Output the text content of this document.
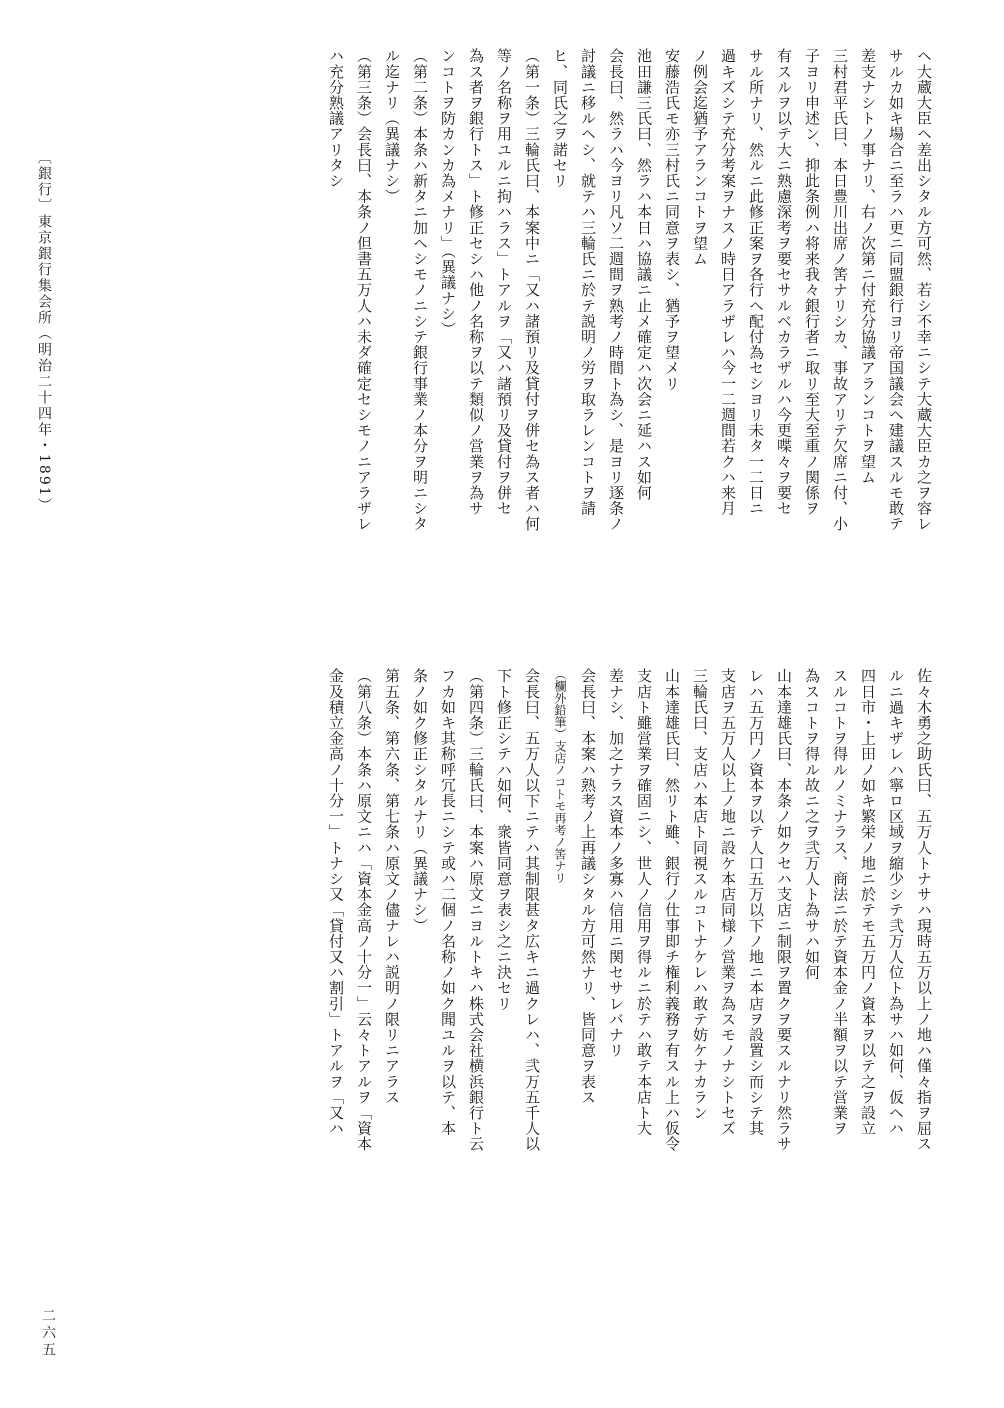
ヘ大蔵大臣ヘ差出シタル方可然、若シ不幸ニシテ大蔵大臣カ之ヲ容レ
サルカ如キ場合ニ至ラハ更ニ同盟銀行ヨリ帝国議会ヘ建議スルモ敢テ
差支ナシトノ事ナリ、右ノ次第ニ付充分協議アランコトヲ望ム
三村君平氏曰、本日豊川出席ノ筈ナリシカ、事故アリテ欠席ニ付、小
子ヨリ申述ン、抑此条例ハ将来我々銀行者ニ取リ至大至重ノ関係ヲ
有スルヲ以テ大ニ熟慮深考ヲ要セサルベカラザルハ今更喋々ヲ要セ
サル所ナリ、然ルニ此修正案ヲ各行ヘ配付為セシヨリ未タ一二日ニ
過キズシテ充分考案ヲナスノ時日アラザレハ今一二週間若クハ来月
ノ例会迄猶予アランコトヲ望ム
安藤浩氏モ亦三村氏ニ同意ヲ表シ、猶予ヲ望メリ
池田謙三氏曰、然ラハ本日ハ協議ニ止メ確定ハ次会ニ延ハス如何
会長曰、然ラハ今ヨリ凡ソ二週間ヲ熟考ノ時間ト為シ、是ヨリ逐条ノ
討議ニ移ルヘシ、就テハ三輪氏ニ於テ説明ノ労ヲ取ラレンコトヲ請
ヒ、同氏之ヲ諾セリ
（第一条）三輪氏曰、本案中ニ「又ハ諸預リ及貸付ヲ併セ為ス者ハ何
等ノ名称ヲ用ユルニ拘ハラス」トアルヲ「又ハ諸預リ及貸付ヲ併セ
為ス者ヲ銀行トス」ト修正セシハ他ノ名称ヲ以テ類似ノ営業ヲ為サ
ンコトヲ防カンカ為メナリ」（異議ナシ）
（第二条）本条ハ新タニ加ヘシモノニシテ銀行事業ノ本分ヲ明ニシタ
ル迄ナリ（異議ナシ）
（第三条）会長曰、本条ノ但書五万人ハ未ダ確定セシモノニアラザレ
ハ充分熟議アリタシ
佐々木勇之助氏曰、五万人トナサハ現時五万以上ノ地ハ僅々指ヲ屈ス
ルニ過キザレハ寧ロ区域ヲ縮少シテ弐万人位ト為サハ如何、仮ヘハ
四日市・上田ノ如キ繁栄ノ地ニ於テモ五万円ノ資本ヲ以テ之ヲ設立
スルコトヲ得ルノミナラス、商法ニ於テ資本金ノ半額ヲ以テ営業ヲ
為スコトヲ得ル故ニ之ヲ弐万人ト為サハ如何
山本達雄氏曰、本条ノ如クセハ支店ニ制限ヲ置クヲ要スルナリ然ラサ
レハ五万円ノ資本ヲ以テ人口五万以下ノ地ニ本店ヲ設置シ而シテ其
支店ヲ五万人以上ノ地ニ設ケ本店同様ノ営業ヲ為スモノナシトセズ
三輪氏曰、支店ハ本店ト同視スルコトナケレハ敢テ妨ケナカラン
山本達雄氏曰、然リト雖、銀行ノ仕事即チ権利義務ヲ有スル上ハ仮令
支店ト雖営業ヲ確固ニシ、世人ノ信用ヲ得ルニ於テハ敢テ本店ト大
差ナシ、加之ナラス資本ノ多寡ハ信用ニ関セサレバナリ
会長曰、本案ハ熟考ノ上再議シタル方可然ナリ、皆同意ヲ表ス
（欄外鉛筆）支店ノコトモ再考ノ筈ナリ
会長曰、五万人以下ニテハ其制限甚タ広キニ過クレハ、弐万五千人以
下ト修正シテハ如何、衆皆同意ヲ表シ之ニ決セリ
（第四条）三輪氏曰、本案ハ原文ニヨルトキハ株式会社横浜銀行ト云
フカ如キ其称呼冗長ニシテ或ハ二個ノ名称ノ如ク聞ユルヲ以テ、本
条ノ如ク修正シタルナリ（異議ナシ）
第五条、第六条、第七条ハ原文ノ儘ナレハ説明ノ限リニアラス
（第八条）本条ハ原文ニハ「資本金高ノ十分一」云々トアルヲ「資本
金及積立金高ノ十分一」トナシ又「貸付又ハ割引」トアルヲ「又ハ
〔銀行〕東京銀行集会所（明治二十四年・1891）
二六五
